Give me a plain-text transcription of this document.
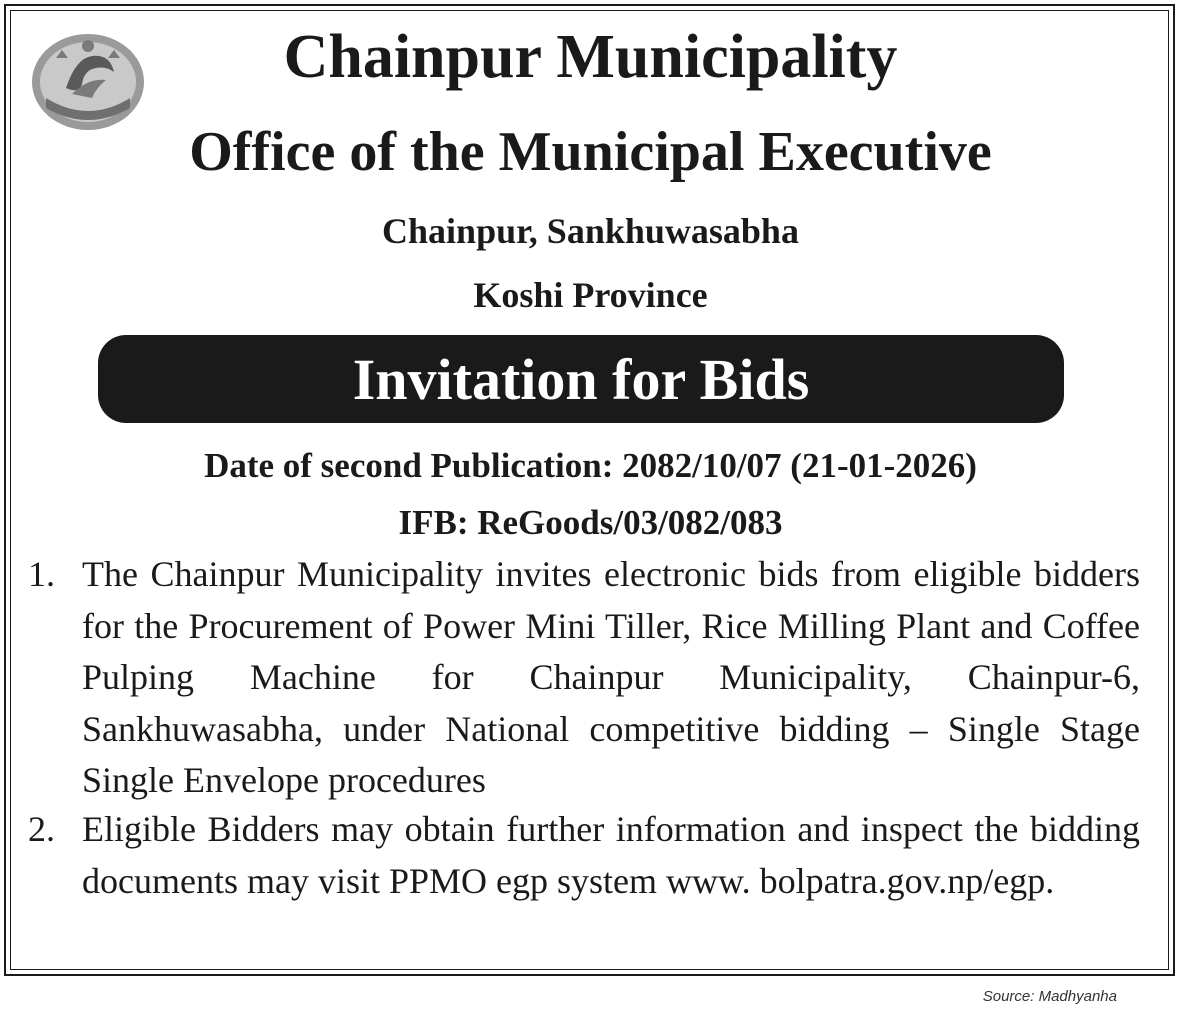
Chainpur Municipality
Office of the Municipal Executive
Chainpur, Sankhuwasabha
Koshi Province
Invitation for Bids
Date of second Publication: 2082/10/07 (21-01-2026)
IFB: ReGoods/03/082/083
1. The Chainpur Municipality invites electronic bids from eligible bidders for the Procurement of Power Mini Tiller, Rice Milling Plant and Coffee Pulping Machine for Chainpur Municipality, Chainpur-6, Sankhuwasabha, under National competitive bidding – Single Stage Single Envelope procedures
2. Eligible Bidders may obtain further information and inspect the bidding documents may visit PPMO egp system www. bolpatra.gov.np/egp.
Source: Madhyanha
